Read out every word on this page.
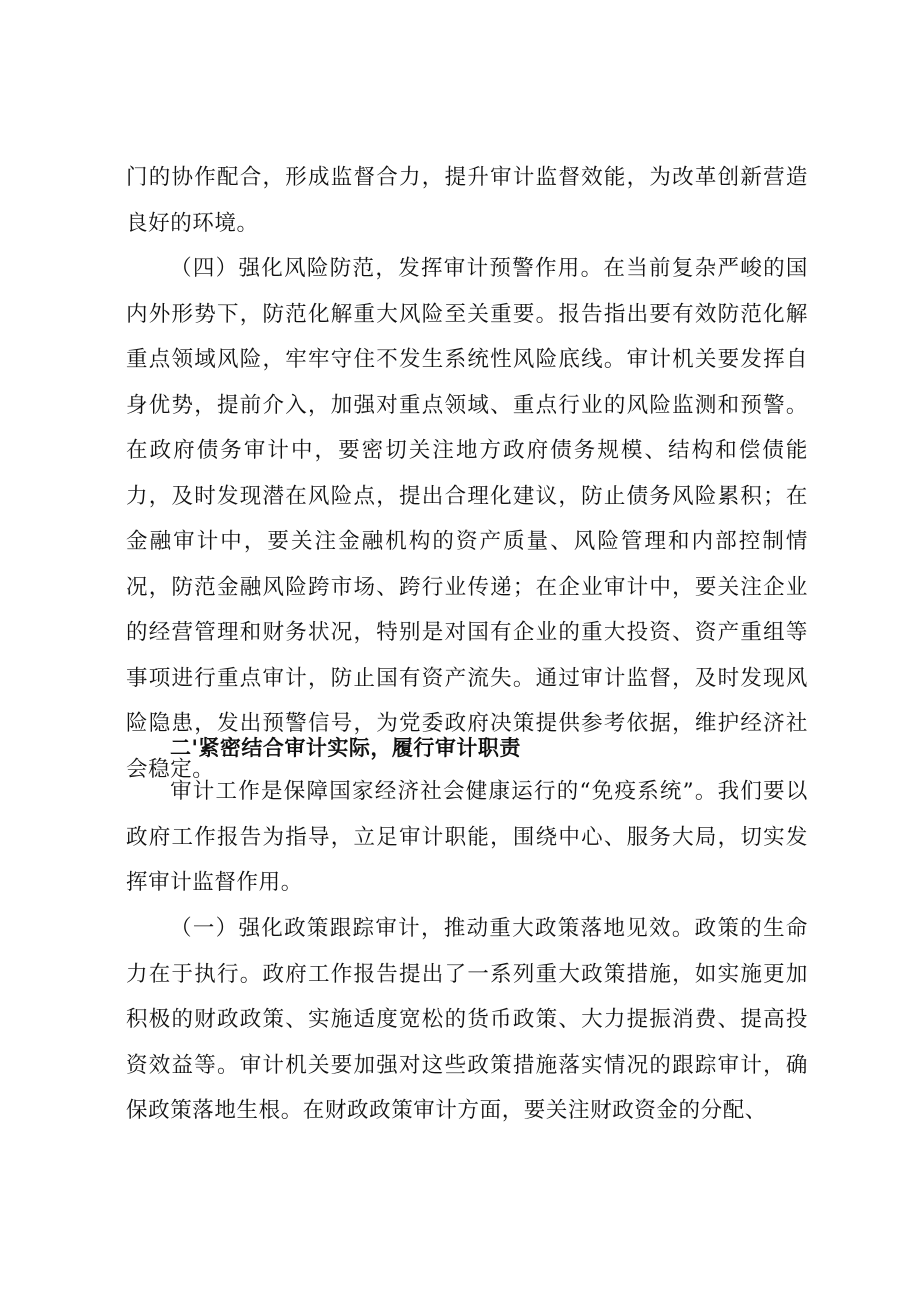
门的协作配合，形成监督合力，提升审计监督效能，为改革创新营造良好的环境。

（四）强化风险防范，发挥审计预警作用。在当前复杂严峻的国内外形势下，防范化解重大风险至关重要。报告指出要有效防范化解重点领域风险，牢牢守住不发生系统性风险底线。审计机关要发挥自身优势，提前介入，加强对重点领域、重点行业的风险监测和预警。在政府债务审计中，要密切关注地方政府债务规模、结构和偿债能力，及时发现潜在风险点，提出合理化建议，防止债务风险累积；在金融审计中，要关注金融机构的资产质量、风险管理和内部控制情况，防范金融风险跨市场、跨行业传递；在企业审计中，要关注企业的经营管理和财务状况，特别是对国有企业的重大投资、资产重组等事项进行重点审计，防止国有资产流失。通过审计监督，及时发现风险隐患，发出预警信号，为党委政府决策提供参考依据，维护经济社会稳定。

二'紧密结合审计实际，履行审计职责

审计工作是保障国家经济社会健康运行的“免疫系统”。我们要以政府工作报告为指导，立足审计职能，围绕中心、服务大局，切实发挥审计监督作用。

（一）强化政策跟踪审计，推动重大政策落地见效。政策的生命力在于执行。政府工作报告提出了一系列重大政策措施，如实施更加积极的财政政策、实施适度宽松的货币政策、大力提振消费、提高投资效益等。审计机关要加强对这些政策措施落实情况的跟踪审计，确保政策落地生根。在财政政策审计方面，要关注财政资金的分配、
